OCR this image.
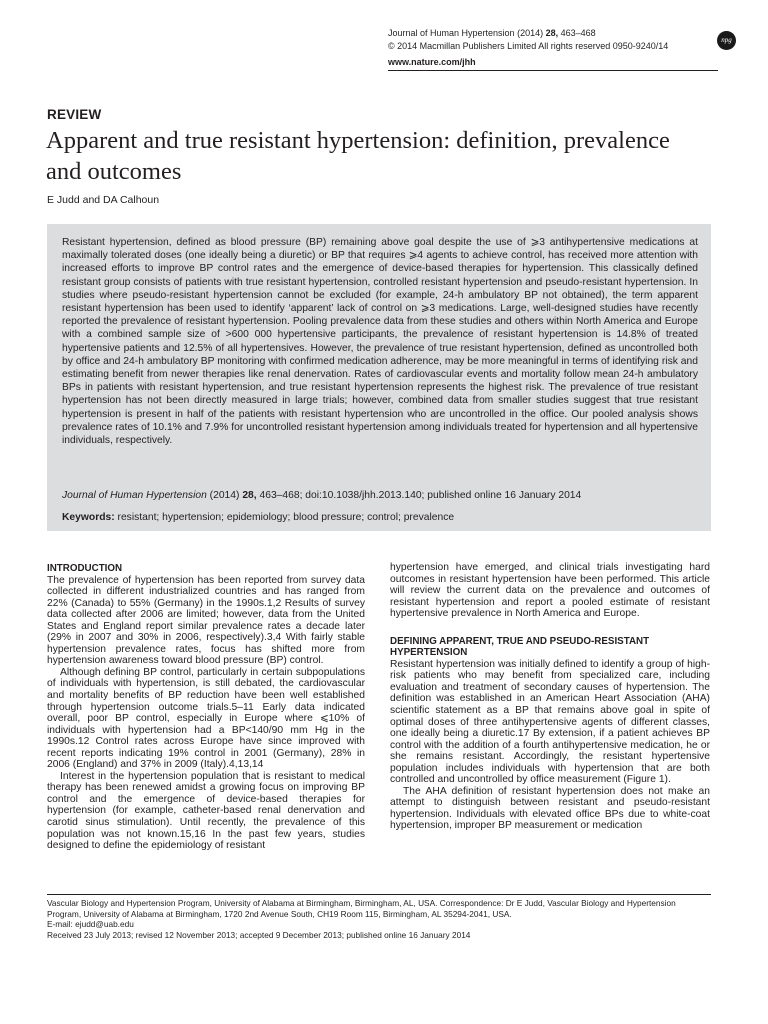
Journal of Human Hypertension (2014) 28, 463–468
© 2014 Macmillan Publishers Limited All rights reserved 0950-9240/14
www.nature.com/jhh
npg
REVIEW
Apparent and true resistant hypertension: definition, prevalence and outcomes
E Judd and DA Calhoun
Resistant hypertension, defined as blood pressure (BP) remaining above goal despite the use of ⩾3 antihypertensive medications at maximally tolerated doses (one ideally being a diuretic) or BP that requires ⩾4 agents to achieve control, has received more attention with increased efforts to improve BP control rates and the emergence of device-based therapies for hypertension. This classically defined resistant group consists of patients with true resistant hypertension, controlled resistant hypertension and pseudo-resistant hypertension. In studies where pseudo-resistant hypertension cannot be excluded (for example, 24-h ambulatory BP not obtained), the term apparent resistant hypertension has been used to identify ‘apparent’ lack of control on ⩾3 medications. Large, well-designed studies have recently reported the prevalence of resistant hypertension. Pooling prevalence data from these studies and others within North America and Europe with a combined sample size of >600 000 hypertensive participants, the prevalence of resistant hypertension is 14.8% of treated hypertensive patients and 12.5% of all hypertensives. However, the prevalence of true resistant hypertension, defined as uncontrolled both by office and 24-h ambulatory BP monitoring with confirmed medication adherence, may be more meaningful in terms of identifying risk and estimating benefit from newer therapies like renal denervation. Rates of cardiovascular events and mortality follow mean 24-h ambulatory BPs in patients with resistant hypertension, and true resistant hypertension represents the highest risk. The prevalence of true resistant hypertension has not been directly measured in large trials; however, combined data from smaller studies suggest that true resistant hypertension is present in half of the patients with resistant hypertension who are uncontrolled in the office. Our pooled analysis shows prevalence rates of 10.1% and 7.9% for uncontrolled resistant hypertension among individuals treated for hypertension and all hypertensive individuals, respectively.
Journal of Human Hypertension (2014) 28, 463–468; doi:10.1038/jhh.2013.140; published online 16 January 2014
Keywords: resistant; hypertension; epidemiology; blood pressure; control; prevalence
INTRODUCTION

The prevalence of hypertension has been reported from survey data collected in different industrialized countries and has ranged from 22% (Canada) to 55% (Germany) in the 1990s.1,2 Results of survey data collected after 2006 are limited; however, data from the United States and England report similar prevalence rates a decade later (29% in 2007 and 30% in 2006, respectively).3,4 With fairly stable hypertension prevalence rates, focus has shifted more from hypertension awareness toward blood pressure (BP) control.

Although defining BP control, particularly in certain subpopulations of individuals with hypertension, is still debated, the cardiovascular and mortality benefits of BP reduction have been well established through hypertension outcome trials.5–11 Early data indicated overall, poor BP control, especially in Europe where ⩽10% of individuals with hypertension had a BP<140/90 mm Hg in the 1990s.12 Control rates across Europe have since improved with recent reports indicating 19% control in 2001 (Germany), 28% in 2006 (England) and 37% in 2009 (Italy).4,13,14

Interest in the hypertension population that is resistant to medical therapy has been renewed amidst a growing focus on improving BP control and the emergence of device-based therapies for hypertension (for example, catheter-based renal denervation and carotid sinus stimulation). Until recently, the prevalence of this population was not known.15,16 In the past few years, studies designed to define the epidemiology of resistant

hypertension have emerged, and clinical trials investigating hard outcomes in resistant hypertension have been performed. This article will review the current data on the prevalence and outcomes of resistant hypertension and report a pooled estimate of resistant hypertensive prevalence in North America and Europe.

DEFINING APPARENT, TRUE AND PSEUDO-RESISTANT HYPERTENSION

Resistant hypertension was initially defined to identify a group of high-risk patients who may benefit from specialized care, including evaluation and treatment of secondary causes of hypertension. The definition was established in an American Heart Association (AHA) scientific statement as a BP that remains above goal in spite of optimal doses of three antihypertensive agents of different classes, one ideally being a diuretic.17 By extension, if a patient achieves BP control with the addition of a fourth antihypertensive medication, he or she remains resistant. Accordingly, the resistant hypertensive population includes individuals with hypertension that are both controlled and uncontrolled by office measurement (Figure 1).

The AHA definition of resistant hypertension does not make an attempt to distinguish between resistant and pseudo-resistant hypertension. Individuals with elevated office BPs due to white-coat hypertension, improper BP measurement or medication

Vascular Biology and Hypertension Program, University of Alabama at Birmingham, Birmingham, AL, USA. Correspondence: Dr E Judd, Vascular Biology and Hypertension Program, University of Alabama at Birmingham, 1720 2nd Avenue South, CH19 Room 115, Birmingham, AL 35294-2041, USA.

E-mail: ejudd@uab.edu

Received 23 July 2013; revised 12 November 2013; accepted 9 December 2013; published online 16 January 2014
